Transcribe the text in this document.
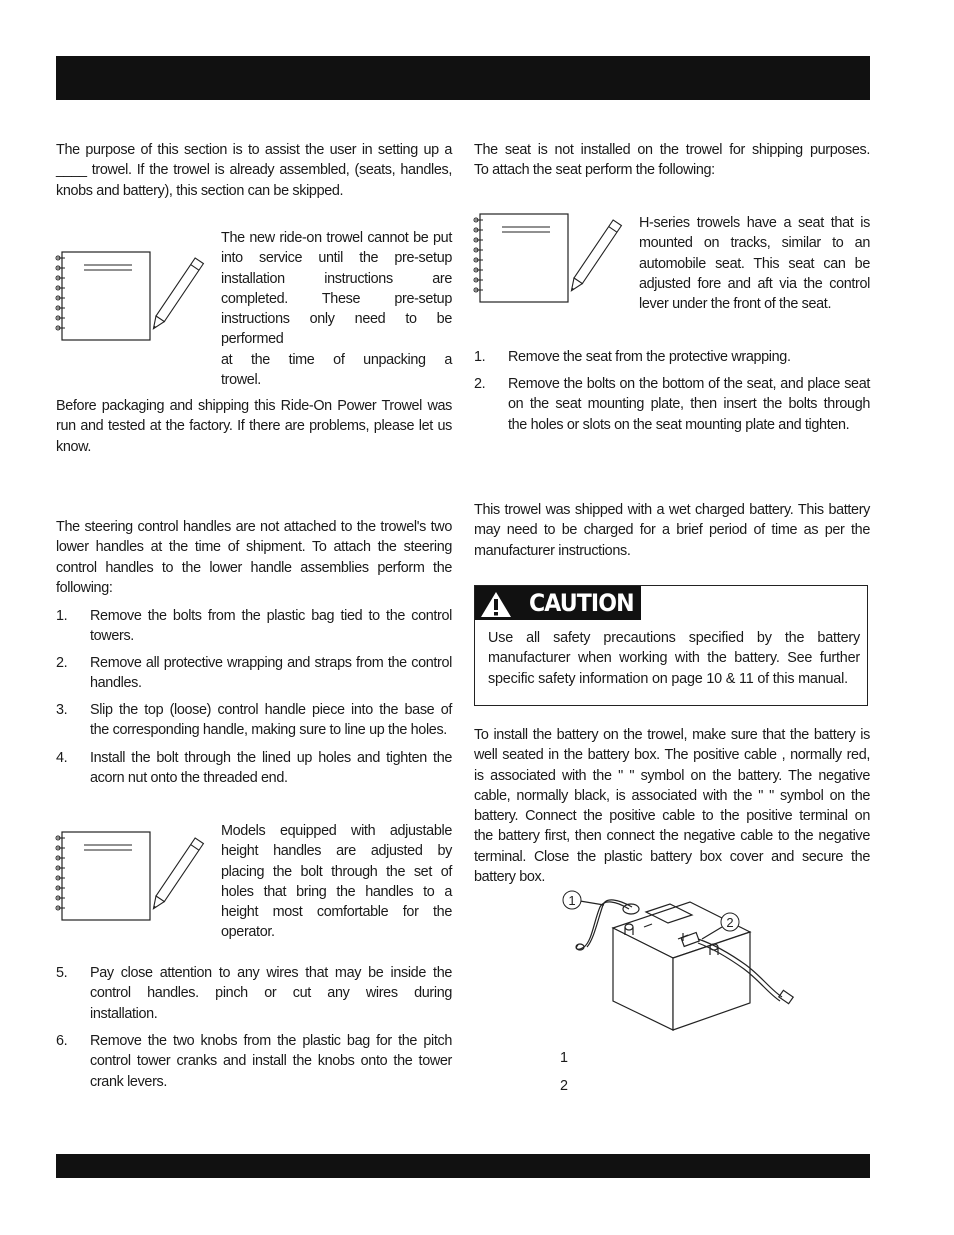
The purpose of this section is to assist the user in setting up a
____ trowel. If the trowel is already assembled, (seats, handles,
knobs and battery), this section can be skipped.
The new ride-on trowel cannot be put
into service until the pre-setup
installation instructions are
completed. These pre-setup
instructions only need to be performed
at the time of unpacking a
trowel.
Before packaging and shipping this Ride-On Power Trowel was
run and tested at the factory. If there are problems, please let us
know.
The steering control handles are not attached to the trowel's two
lower handles at the time of shipment. To attach the steering
control handles to the lower handle assemblies perform the
following:
1. Remove the bolts from the plastic bag tied to the control
towers.
2. Remove all protective wrapping and straps from the control
handles.
3. Slip the top (loose) control handle piece into the base of
the corresponding handle, making sure to line up the holes.
4. Install the bolt through the lined up holes and tighten the
acorn nut onto the threaded end.
Models equipped with adjustable
height handles are adjusted by
placing the bolt through the set of
holes that bring the handles to a
height most comfortable for the
operator.
5. Pay close attention to any wires that may be inside the
control handles. pinch or cut any wires during
installation.
6. Remove the two knobs from the plastic bag for the pitch
control tower cranks and install the knobs onto the tower
crank levers.
The seat is not installed on the trowel for shipping purposes.
To attach the seat perform the following:
H-series trowels have a seat that is
mounted on tracks, similar to an
automobile seat. This seat can be
adjusted fore and aft via the control
lever under the front of the seat.
1. Remove the seat from the protective wrapping.
2. Remove the bolts on the bottom of the seat, and place seat
on the seat mounting plate, then insert the bolts through
the holes or slots on the seat mounting plate and tighten.
This trowel was shipped with a wet charged battery. This battery
may need to be charged for a brief period of time as per the
manufacturer instructions.
CAUTION
Use all safety precautions specified by the battery
manufacturer when working with the battery. See further
specific safety information on page 10 & 11 of this manual.
To install the battery on the trowel, make sure that the battery is
well seated in the battery box. The positive cable , normally red,
is associated with the " " symbol on the battery. The negative
cable, normally black, is associated with the " " symbol on the
battery. Connect the positive cable to the positive terminal on
the battery first, then connect the negative cable to the negative
terminal. Close the plastic battery box cover and secure the
battery box.
1
2
1
2
